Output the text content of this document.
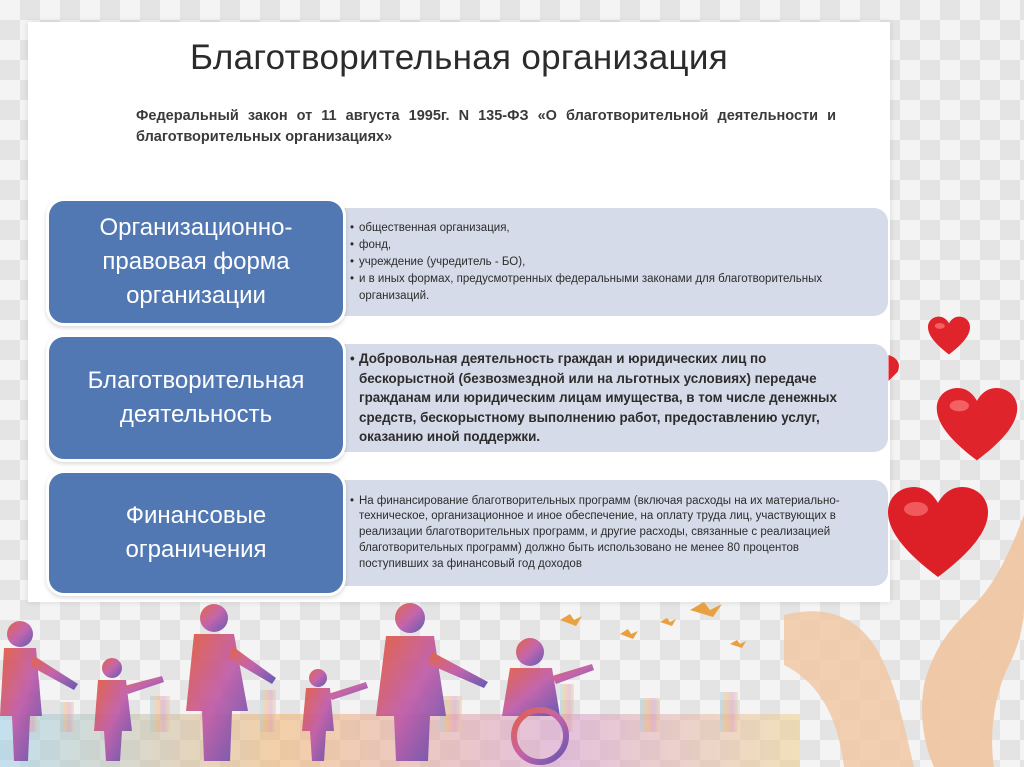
Благотворительная организация
Федеральный закон от 11 августа 1995г. N 135-ФЗ «О благотворительной деятельности и благотворительных организациях»
• общественная организация,
• фонд,
• учреждение (учредитель - БО),
• и в иных формах, предусмотренных федеральными законами для благотворительных организаций.
Организационно-правовая форма организации
• Добровольная деятельность граждан и юридических лиц по бескорыстной (безвозмездной или на льготных условиях) передаче гражданам или юридическим лицам имущества, в том числе денежных средств, бескорыстному выполнению работ, предоставлению услуг, оказанию иной поддержки.
Благотворительная деятельность
• На финансирование благотворительных программ (включая расходы на их материально-техническое, организационное и иное обеспечение, на оплату труда лиц, участвующих в реализации благотворительных программ, и другие расходы, связанные с реализацией благотворительных программ) должно быть использовано не менее 80 процентов поступивших за финансовый год доходов
Финансовые ограничения
